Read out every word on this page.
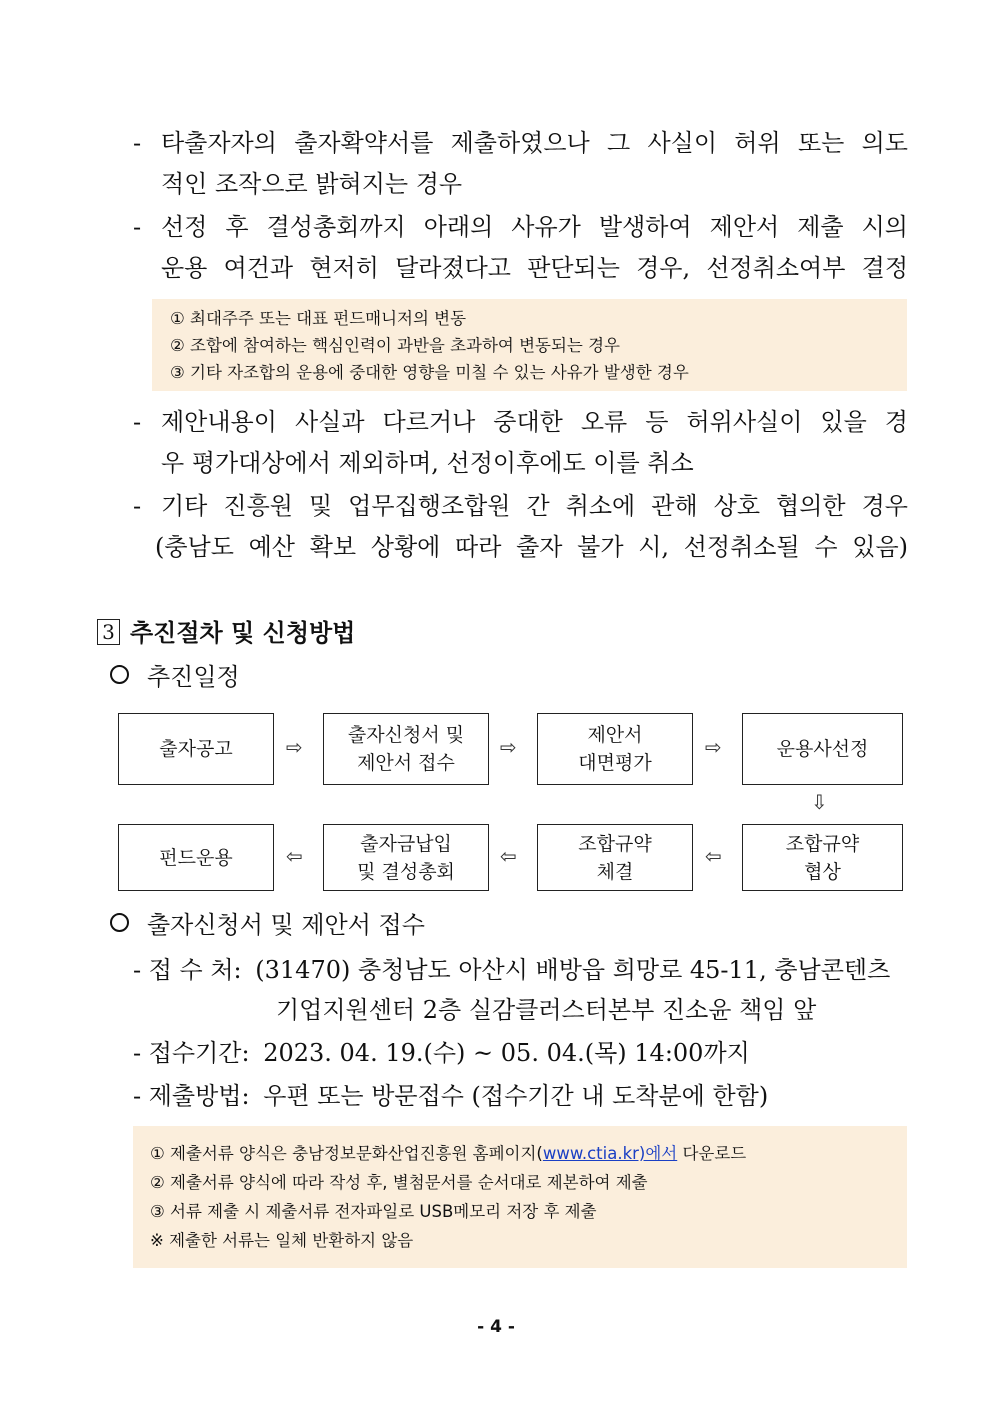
- 타출자자의 출자확약서를 제출하였으나 그 사실이 허위 또는 의도
적인 조작으로 밝혀지는 경우
- 선정 후 결성총회까지 아래의 사유가 발생하여 제안서 제출 시의
운용 여건과 현저히 달라졌다고 판단되는 경우, 선정취소여부 결정
① 최대주주 또는 대표 펀드매니저의 변동
② 조합에 참여하는 핵심인력이 과반을 초과하여 변동되는 경우
③ 기타 자조합의 운용에 중대한 영향을 미칠 수 있는 사유가 발생한 경우
- 제안내용이 사실과 다르거나 중대한 오류 등 허위사실이 있을 경
우 평가대상에서 제외하며, 선정이후에도 이를 취소
- 기타 진흥원 및 업무집행조합원 간 취소에 관해 상호 협의한 경우
(충남도 예산 확보 상황에 따라 출자 불가 시, 선정취소될 수 있음)
3 추진절차 및 신청방법
추진일정
출자공고	⇨ 출자신청서 및
제안서 접수
⇨	제안서
대면평가
⇨	운용사선정
⇩
펀드운용	⇦
출자금납입
및 결성총회
⇦
조합규약
체결
⇦
조합규약
협상
출자신청서 및 제안서 접수
- 접 수 처: (31470) 충청남도 아산시 배방읍 희망로 45-11, 충남콘텐츠
기업지원센터 2층 실감클러스터본부 진소윤 책임 앞
- 접수기간: 2023. 04. 19.(수) ~ 05. 04.(목) 14:00까지
- 제출방법: 우편 또는 방문접수 (접수기간 내 도착분에 한함)
① 제출서류 양식은 충남정보문화산업진흥원 홈페이지(www.ctia.kr)에서 다운로드
② 제출서류 양식에 따라 작성 후, 별첨문서를 순서대로 제본하여 제출
③ 서류 제출 시 제출서류 전자파일로 USB메모리 저장 후 제출
※ 제출한 서류는 일체 반환하지 않음
- 4 -
